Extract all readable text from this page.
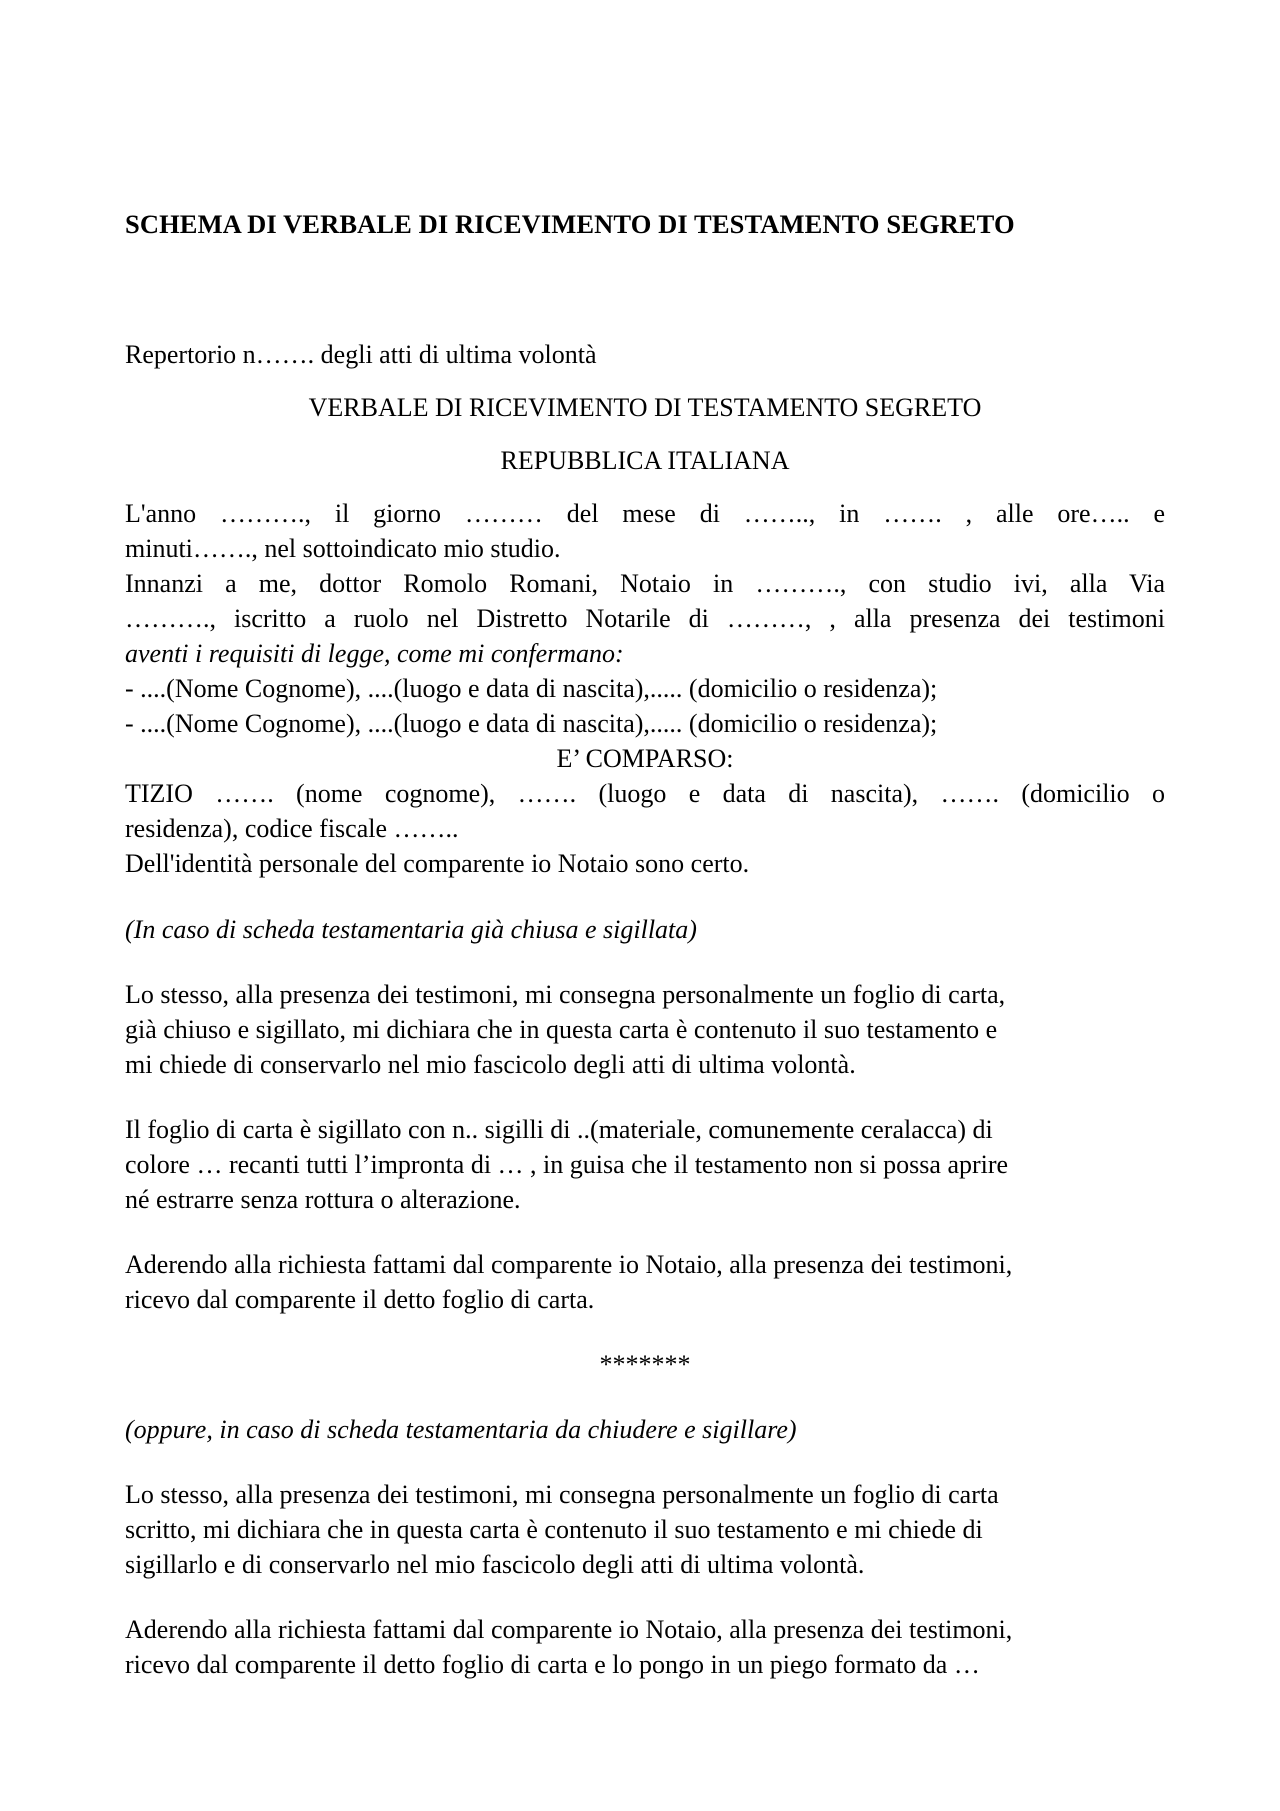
SCHEMA DI VERBALE DI RICEVIMENTO DI TESTAMENTO SEGRETO
Repertorio n……. degli atti di ultima volontà
VERBALE DI RICEVIMENTO DI TESTAMENTO SEGRETO
REPUBBLICA ITALIANA
L'anno ………., il giorno ……… del mese di …….., in ……. , alle ore….. e
minuti……., nel sottoindicato mio studio.
Innanzi a me, dottor Romolo Romani, Notaio in ………., con studio ivi, alla Via
………., iscritto a ruolo nel Distretto Notarile di ………, , alla presenza dei testimoni
aventi i requisiti di legge, come mi confermano:
- ....(Nome Cognome), ....(luogo e data di nascita),..... (domicilio o residenza);
- ....(Nome Cognome), ....(luogo e data di nascita),..... (domicilio o residenza);
E’ COMPARSO:
TIZIO ……. (nome cognome), ……. (luogo e data di nascita), ……. (domicilio o
residenza), codice fiscale ……..
Dell'identità personale del comparente io Notaio sono certo.
(In caso di scheda testamentaria già chiusa e sigillata)
Lo stesso, alla presenza dei testimoni, mi consegna personalmente un foglio di carta,
già chiuso e sigillato, mi dichiara che in questa carta è contenuto il suo testamento e
mi chiede di conservarlo nel mio fascicolo degli atti di ultima volontà.
Il foglio di carta è sigillato con n.. sigilli di ..(materiale, comunemente ceralacca) di
colore … recanti tutti l’impronta di … , in guisa che il testamento non si possa aprire
né estrarre senza rottura o alterazione.
Aderendo alla richiesta fattami dal comparente io Notaio, alla presenza dei testimoni,
ricevo dal comparente il detto foglio di carta.
*******
(oppure, in caso di scheda testamentaria da chiudere e sigillare)
Lo stesso, alla presenza dei testimoni, mi consegna personalmente un foglio di carta
scritto, mi dichiara che in questa carta è contenuto il suo testamento e mi chiede di
sigillarlo e di conservarlo nel mio fascicolo degli atti di ultima volontà.
Aderendo alla richiesta fattami dal comparente io Notaio, alla presenza dei testimoni,
ricevo dal comparente il detto foglio di carta e lo pongo in un piego formato da …
